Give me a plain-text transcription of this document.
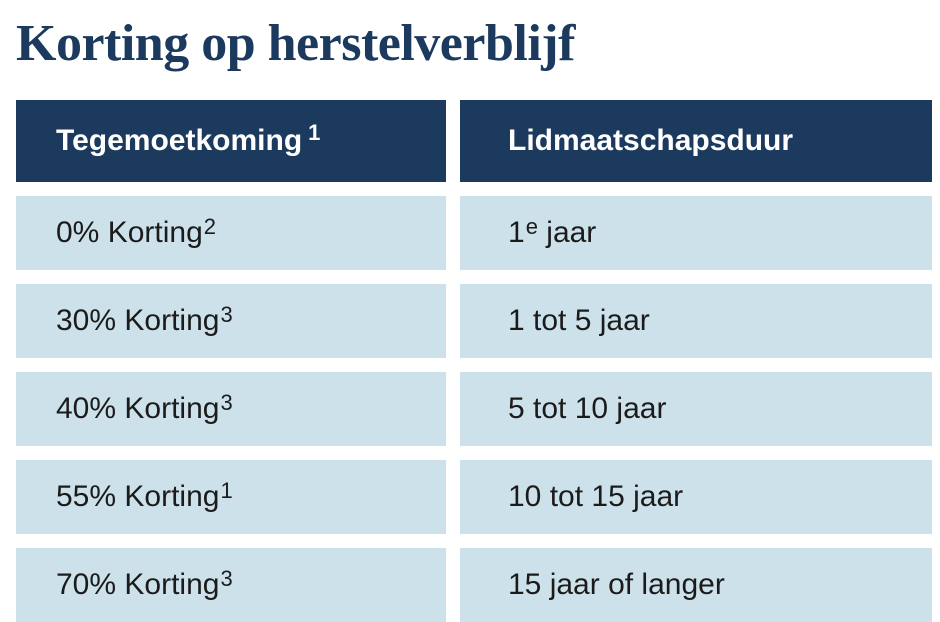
Korting op herstelverblijf
Tegemoetkoming $^1$	Lidmaatschapsduur
0% Korting$^2$	1e jaar
30% Korting$^3$	1 tot 5 jaar
40% Korting$^3$	5 tot 10 jaar
55% Korting$^1$	10 tot 15 jaar
70% Korting$^3$	15 jaar of langer
